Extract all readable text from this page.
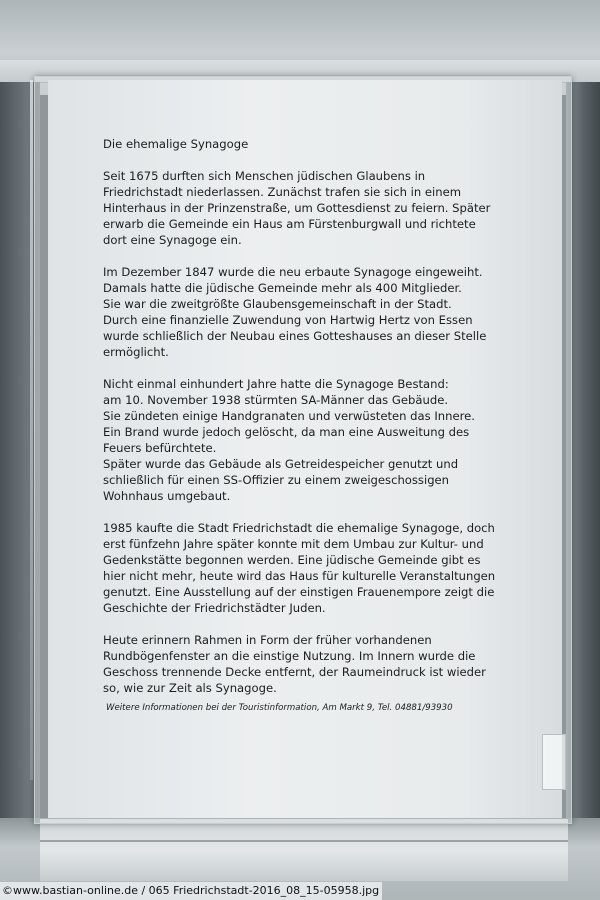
Die ehemalige Synagoge

Seit 1675 durften sich Menschen jüdischen Glaubens in
Friedrichstadt niederlassen. Zunächst trafen sie sich in einem
Hinterhaus in der Prinzenstraße, um Gottesdienst zu feiern. Später
erwarb die Gemeinde ein Haus am Fürstenburgwall und richtete
dort eine Synagoge ein.

Im Dezember 1847 wurde die neu erbaute Synagoge eingeweiht.
Damals hatte die jüdische Gemeinde mehr als 400 Mitglieder.
Sie war die zweitgrößte Glaubensgemeinschaft in der Stadt.
Durch eine finanzielle Zuwendung von Hartwig Hertz von Essen
wurde schließlich der Neubau eines Gotteshauses an dieser Stelle
ermöglicht.

Nicht einmal einhundert Jahre hatte die Synagoge Bestand:
am 10. November 1938 stürmten SA-Männer das Gebäude.
Sie zündeten einige Handgranaten und verwüsteten das Innere.
Ein Brand wurde jedoch gelöscht, da man eine Ausweitung des
Feuers befürchtete.
Später wurde das Gebäude als Getreidespeicher genutzt und
schließlich für einen SS-Offizier zu einem zweigeschossigen
Wohnhaus umgebaut.

1985 kaufte die Stadt Friedrichstadt die ehemalige Synagoge, doch
erst fünfzehn Jahre später konnte mit dem Umbau zur Kultur- und
Gedenkstätte begonnen werden. Eine jüdische Gemeinde gibt es
hier nicht mehr, heute wird das Haus für kulturelle Veranstaltungen
genutzt. Eine Ausstellung auf der einstigen Frauenempore zeigt die
Geschichte der Friedrichstädter Juden.

Heute erinnern Rahmen in Form der früher vorhandenen
Rundbögenfenster an die einstige Nutzung. Im Innern wurde die
Geschoss trennende Decke entfernt, der Raumeindruck ist wieder
so, wie zur Zeit als Synagoge.

Weitere Informationen bei der Touristinformation, Am Markt 9, Tel. 04881/93930
©www.bastian-online.de / 065 Friedrichstadt-2016_08_15-05958.jpg
